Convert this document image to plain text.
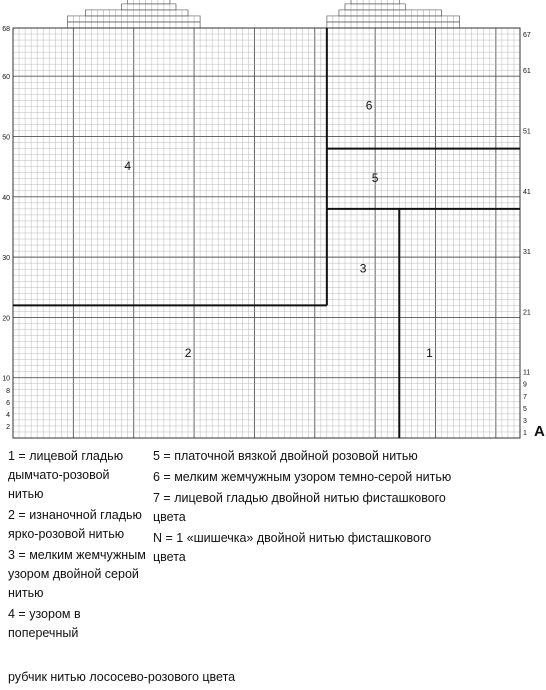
1
2
3
4
5
6
68
60
50
40
30
20
10
8
6
4
2
67
61
51
41
31
21
11
9
7
5
3
1 A
1 = лицевой гладью дымчато-розовой нитью
2 = изнаночной гладью ярко-розовой нитью
3 = мелким жемчужным узором двойной серой нитью
4 = узором в поперечный
5 = платочной вязкой двойной розовой нитью
6 = мелким жемчужным узором темно-серой нитью
7 = лицевой гладью двойной нитью фисташкового цвета
N = 1 «шишечка» двойной нитью фисташкового цвета
рубчик нитью лососево-розового цвета
